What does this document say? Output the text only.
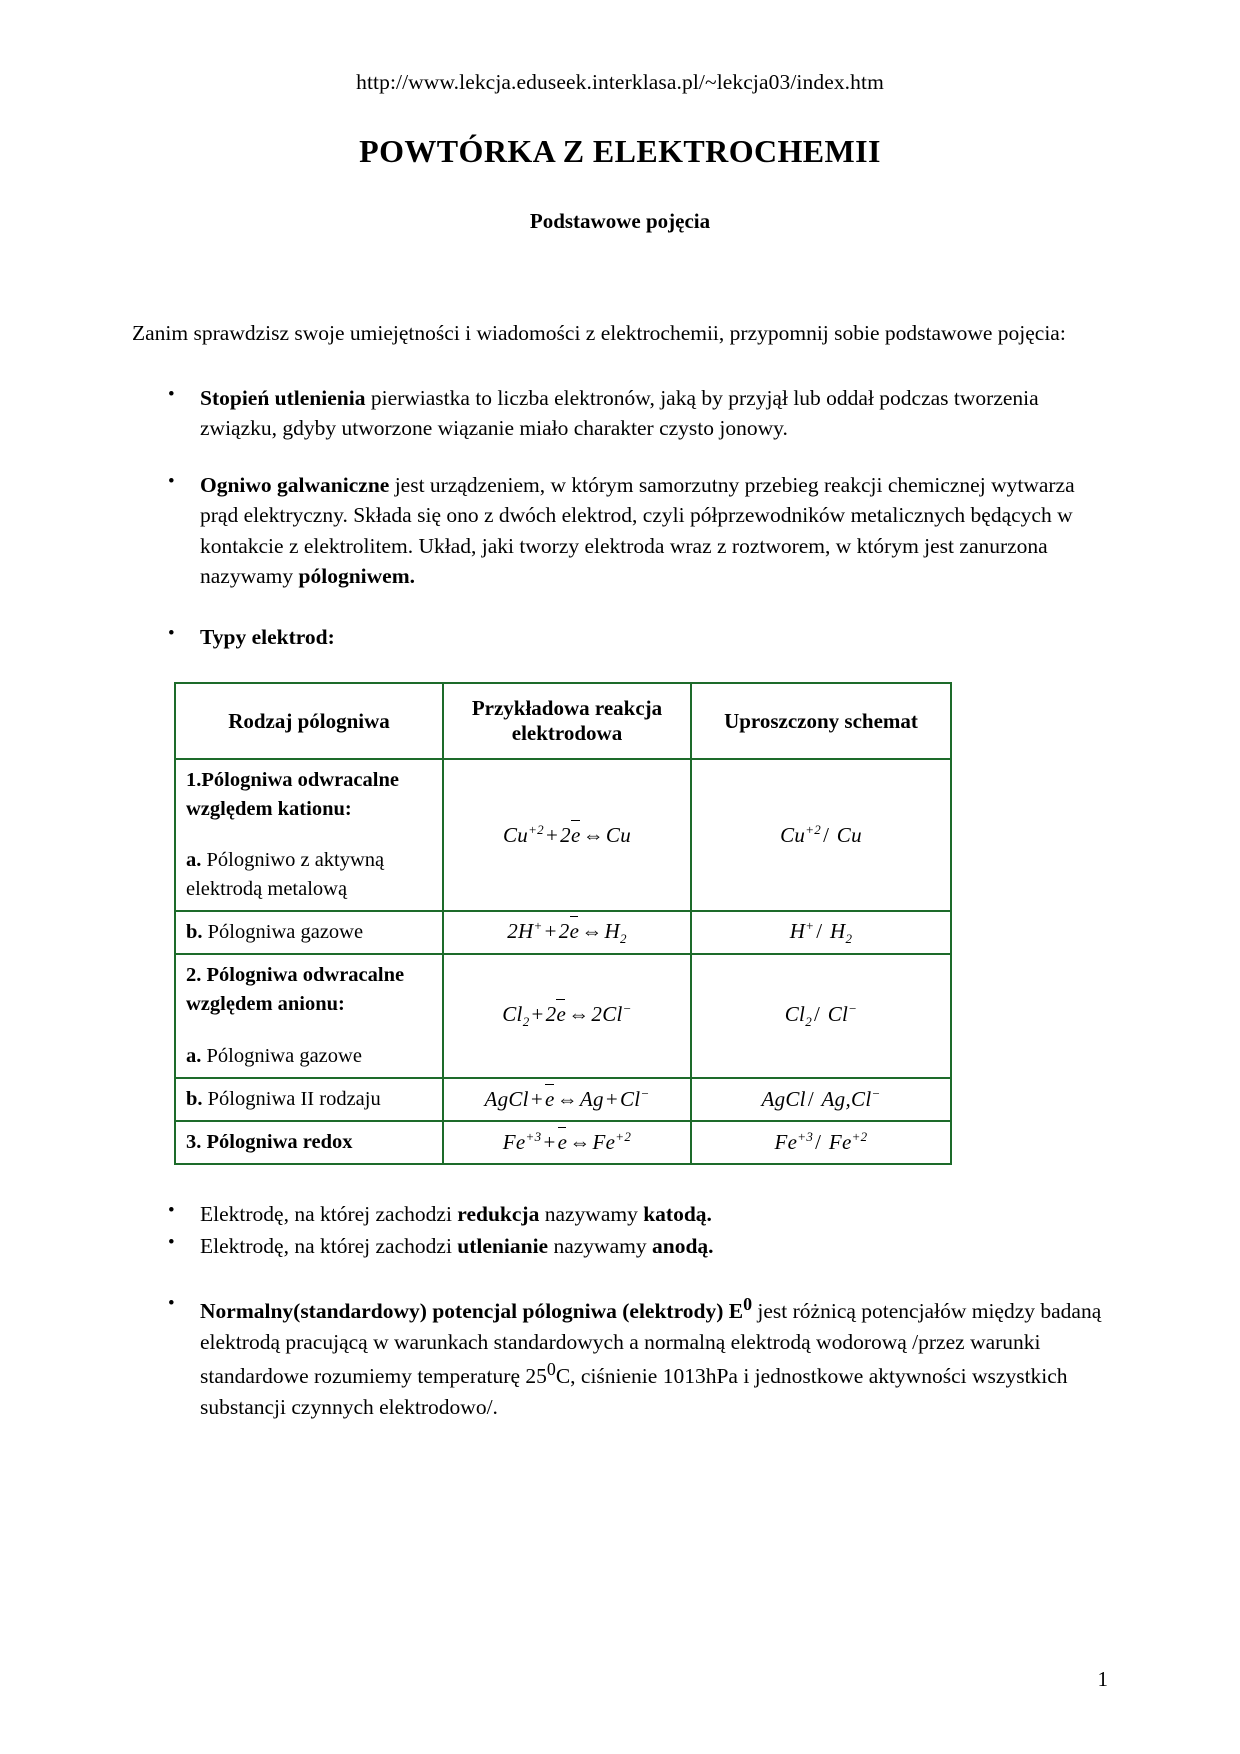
http://www.lekcja.eduseek.interklasa.pl/~lekcja03/index.htm
POWTÓRKA Z ELEKTROCHEMII
Podstawowe pojęcia

Zanim sprawdzisz swoje umiejętności i wiadomości z elektrochemii, przypomnij sobie podstawowe pojęcia:

• Stopień utlenienia pierwiastka to liczba elektronów, jaką by przyjął lub oddał podczas tworzenia związku, gdyby utworzone wiązanie miało charakter czysto jonowy.
• Ogniwo galwaniczne jest urządzeniem, w którym samorzutny przebieg reakcji chemicznej wytwarza prąd elektryczny. Składa się ono z dwóch elektrod, czyli półprzewodników metalicznych będących w kontakcie z elektrolitem. Układ, jaki tworzy elektroda wraz z roztworem, w którym jest zanurzona nazywamy pólogniwem.
• Typy elektrod:
Rodzaj pólogniwa	Przykładowa reakcja elektrodowa	Uproszczony schemat

1.Pólogniwa odwracalne względem kationu:
a. Pólogniwo z aktywną elektrodą metalową	$Cu^{+2}+2e\Leftrightarrow Cu$	$Cu^{+2}/$ Cu
b. Pólogniwa gazowe	$2H^++2e\Leftrightarrow H_2$	H+/ $H_2$

2. Pólogniwa odwracalne względem anionu:
a. Pólogniwa gazowe	$Cl_2+2e\Leftrightarrow 2Cl^-$	$Cl_2/$ Cl−
b. Pólogniwa II rodzaju	AgCl+e⇔Ag+Cl−	AgCl/ Ag,Cl−
3. Pólogniwa redox	$Fe^{+3}+e\Leftrightarrow Fe^{+2}$	$Fe^{+3}/$ $Fe^{+2}$
• Elektrodę, na której zachodzi redukcja nazywamy katodą.
• Elektrodę, na której zachodzi utlenianie nazywamy anodą.
• Normalny(standardowy) potencjal pólogniwa (elektrody) $E^0$ jest różnicą potencjałów między badaną elektrodą pracującą w warunkach standardowych a normalną elektrodą wodorową /przez warunki standardowe rozumiemy temperaturę $25^0C$, ciśnienie 1013hPa i jednostkowe aktywności wszystkich substancji czynnych elektrodowo/.
1
